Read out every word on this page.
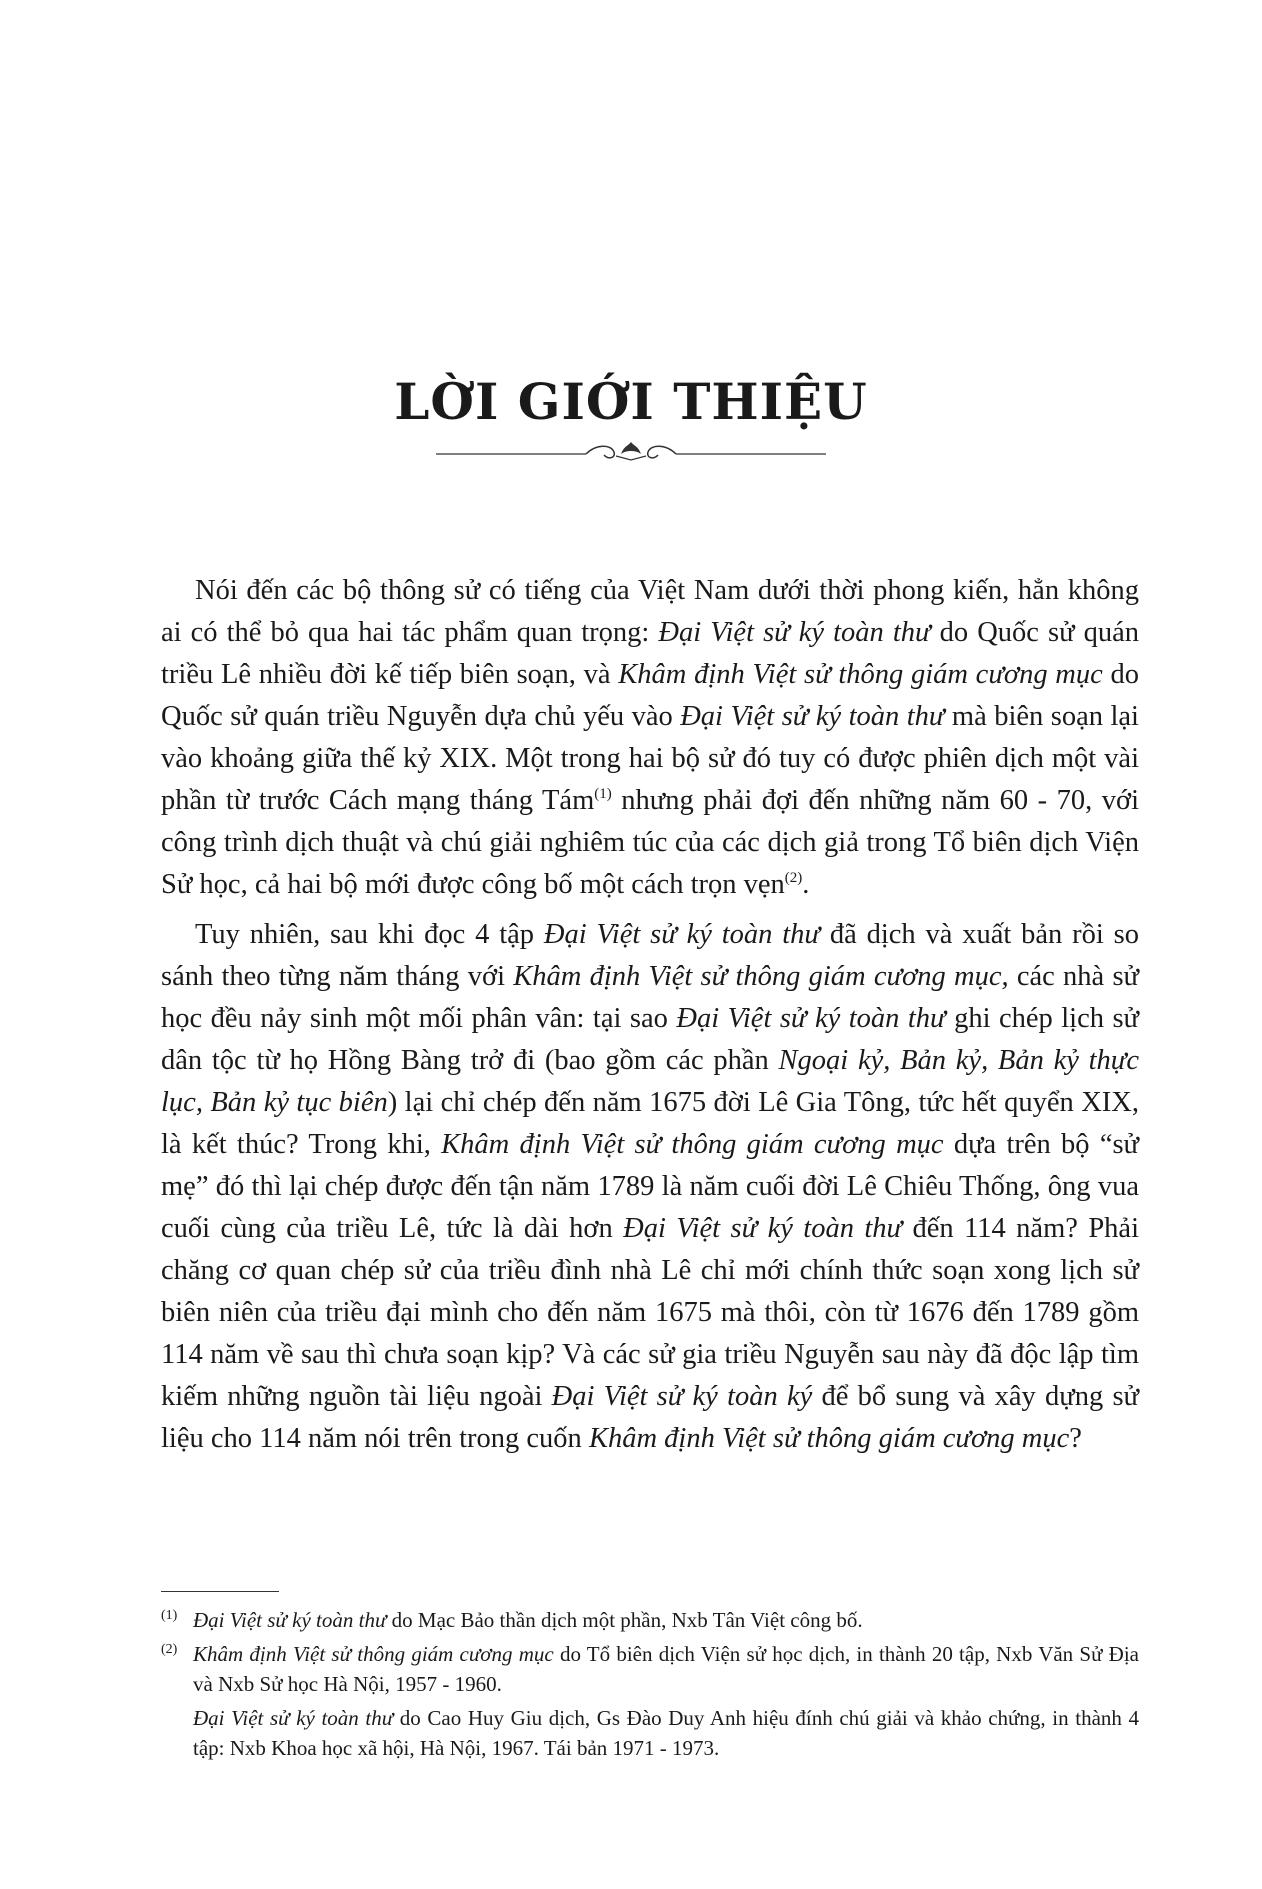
LỜI GIỚI THIỆU

Nói đến các bộ thông sử có tiếng của Việt Nam dưới thời phong kiến, hẳn không ai có thể bỏ qua hai tác phẩm quan trọng: Đại Việt sử ký toàn thư do Quốc sử quán triều Lê nhiều đời kế tiếp biên soạn, và Khâm định Việt sử thông giám cương mục do Quốc sử quán triều Nguyễn dựa chủ yếu vào Đại Việt sử ký toàn thư mà biên soạn lại vào khoảng giữa thế kỷ XIX. Một trong hai bộ sử đó tuy có được phiên dịch một vài phần từ trước Cách mạng tháng Tám$^{(1)}$ nhưng phải đợi đến những năm 60 - 70, với công trình dịch thuật và chú giải nghiêm túc của các dịch giả trong Tổ biên dịch Viện Sử học, cả hai bộ mới được công bố một cách trọn vẹn$^{(2)}$.

Tuy nhiên, sau khi đọc 4 tập Đại Việt sử ký toàn thư đã dịch và xuất bản rồi so sánh theo từng năm tháng với Khâm định Việt sử thông giám cương mục, các nhà sử học đều nảy sinh một mối phân vân: tại sao Đại Việt sử ký toàn thư ghi chép lịch sử dân tộc từ họ Hồng Bàng trở đi (bao gồm các phần Ngoại kỷ, Bản kỷ, Bản kỷ thực lục, Bản kỷ tục biên) lại chỉ chép đến năm 1675 đời Lê Gia Tông, tức hết quyển XIX, là kết thúc? Trong khi, Khâm định Việt sử thông giám cương mục dựa trên bộ “sử mẹ” đó thì lại chép được đến tận năm 1789 là năm cuối đời Lê Chiêu Thống, ông vua cuối cùng của triều Lê, tức là dài hơn Đại Việt sử ký toàn thư đến 114 năm? Phải chăng cơ quan chép sử của triều đình nhà Lê chỉ mới chính thức soạn xong lịch sử biên niên của triều đại mình cho đến năm 1675 mà thôi, còn từ 1676 đến 1789 gồm 114 năm về sau thì chưa soạn kịp? Và các sử gia triều Nguyễn sau này đã độc lập tìm kiếm những nguồn tài liệu ngoài Đại Việt sử ký toàn ký để bổ sung và xây dựng sử liệu cho 114 năm nói trên trong cuốn Khâm định Việt sử thông giám cương mục?

(1) Đại Việt sử ký toàn thư do Mạc Bảo thần dịch một phần, Nxb Tân Việt công bố.
(2) Khâm định Việt sử thông giám cương mục do Tổ biên dịch Viện sử học dịch, in thành 20 tập, Nxb Văn Sử Địa và Nxb Sử học Hà Nội, 1957 - 1960.
Đại Việt sử ký toàn thư do Cao Huy Giu dịch, Gs Đào Duy Anh hiệu đính chú giải và khảo chứng, in thành 4 tập: Nxb Khoa học xã hội, Hà Nội, 1967. Tái bản 1971 - 1973.
